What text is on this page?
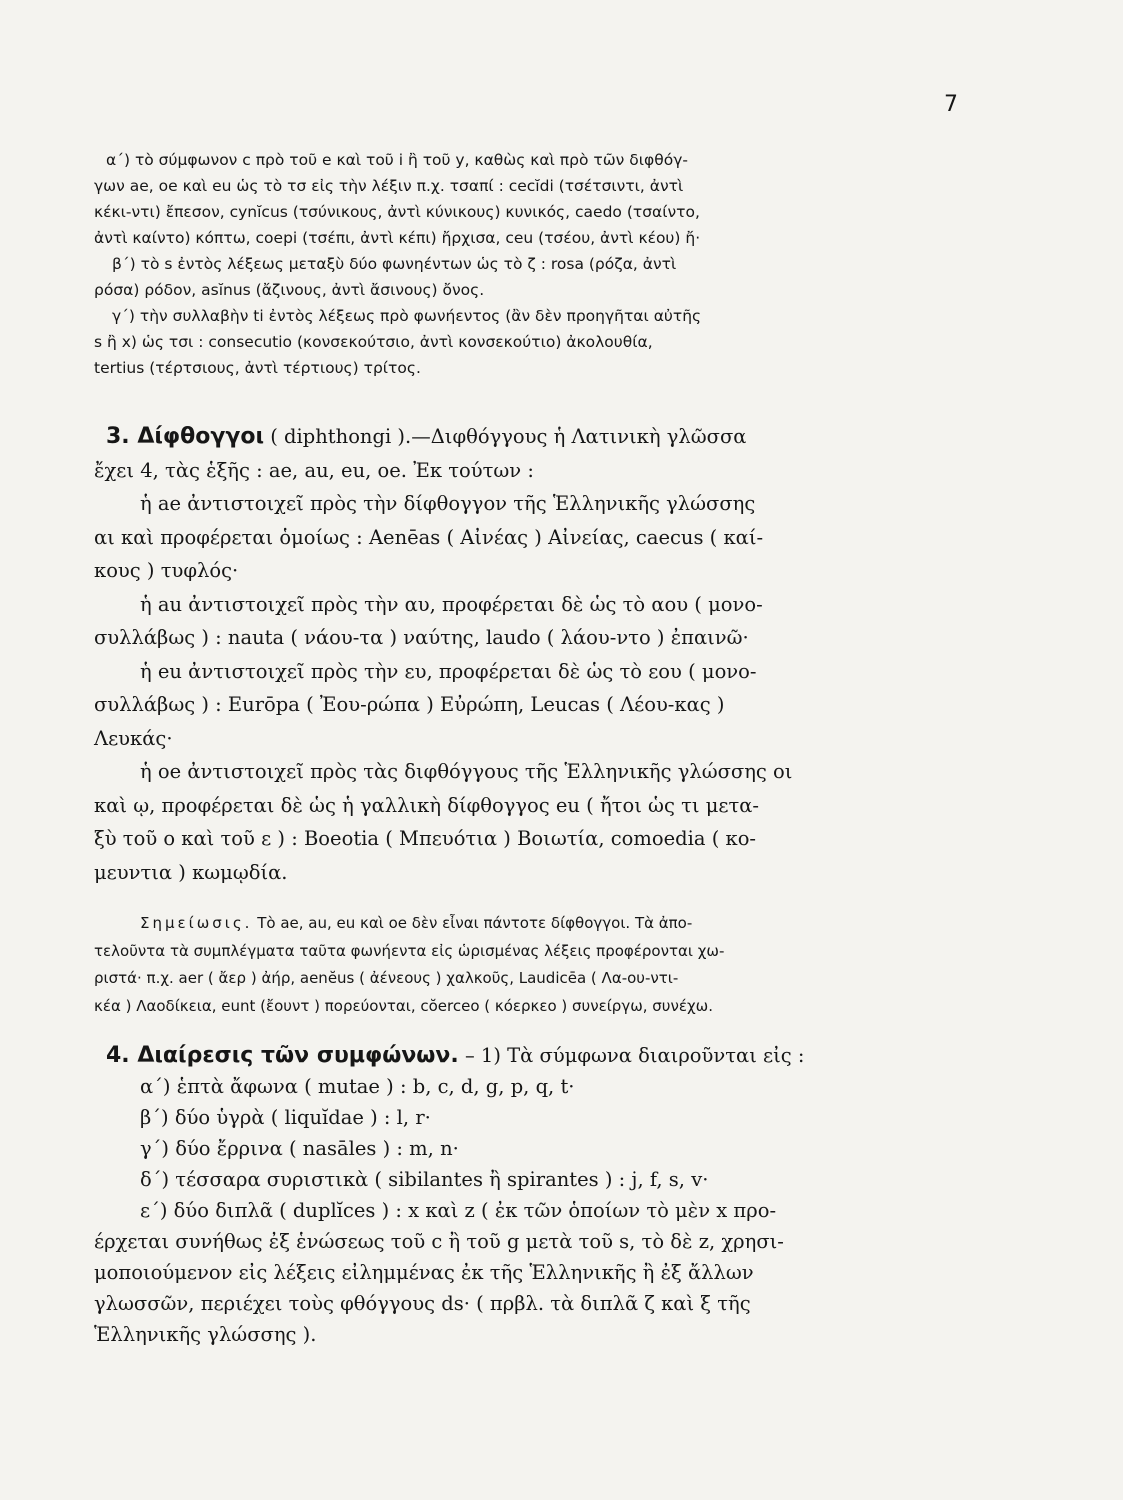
7
α΄) τὸ σύμφωνον c πρὸ τοῦ e καὶ τοῦ i ἢ τοῦ y, καθὼς καὶ πρὸ τῶν διφθόγ-
γων ae, oe καὶ eu ὡς τὸ τσ εἰς τὴν λέξιν π.χ. τσαπί : cecĭdi (τσέτσιντι, ἀντὶ
κέκι-ντι) ἔπεσον, cynĭcus (τσύνικους, ἀντὶ κύνικους) κυνικός, caedo (τσαίντο,
ἀντὶ καίντο) κόπτω, coepi (τσέπι, ἀντὶ κέπι) ἤρχισα, ceu (τσέου, ἀντὶ κέου) ἤ·
β΄) τὸ s ἐντὸς λέξεως μεταξὺ δύο φωνηέντων ὡς τὸ ζ : rosa (ρόζα, ἀντὶ
ρόσα) ρόδον, asĭnus (ἄζινους, ἀντὶ ἄσινους) ὄνος.
γ΄) τὴν συλλαβὴν ti ἐντὸς λέξεως πρὸ φωνήεντος (ἂν δὲν προηγῆται αὐτῆς
s ἢ x) ὡς τσι : consecutio (κονσεκούτσιο, ἀντὶ κονσεκούτιο) ἀκολουθία,
tertius (τέρτσιους, ἀντὶ τέρτιους) τρίτος.
3. Δίφθογγοι ( diphthongi ).—Διφθόγγους ἡ Λατινικὴ γλῶσσα
ἔχει 4, τὰς ἑξῆς : ae, au, eu, oe. Ἐκ τούτων :
ἡ ae ἀντιστοιχεῖ πρὸς τὴν δίφθογγον τῆς Ἑλληνικῆς γλώσσης
αι καὶ προφέρεται ὁμοίως : Aenēas ( Αἰνέας ) Αἰνείας, caecus ( καί-
κους ) τυφλός·
ἡ au ἀντιστοιχεῖ πρὸς τὴν αυ, προφέρεται δὲ ὡς τὸ αου ( μονο-
συλλάβως ) : nauta ( νάου-τα ) ναύτης, laudo ( λάου-ντο ) ἐπαινῶ·
ἡ eu ἀντιστοιχεῖ πρὸς τὴν ευ, προφέρεται δὲ ὡς τὸ εου ( μονο-
συλλάβως ) : Eurōpa ( Ἐου-ρώπα ) Εὐρώπη, Leucas ( Λέου-κας )
Λευκάς·
ἡ oe ἀντιστοιχεῖ πρὸς τὰς διφθόγγους τῆς Ἑλληνικῆς γλώσσης οι
καὶ ῳ, προφέρεται δὲ ὡς ἡ γαλλικὴ δίφθογγος eu ( ἤτοι ὡς τι μετα-
ξὺ τοῦ ο καὶ τοῦ ε ) : Boeotia ( Μπευότια ) Βοιωτία, comoedia ( κο-
μευντια ) κωμῳδία.
Σημείωσις. Τὸ ae, au, eu καὶ oe δὲν εἶναι πάντοτε δίφθογγοι. Τὰ ἀπο-
τελοῦντα τὰ συμπλέγματα ταῦτα φωνήεντα εἰς ὡρισμένας λέξεις προφέρονται χω-
ριστά· π.χ. aer ( ἄερ ) ἀήρ, aenĕus ( ἀένεους ) χαλκοῦς, Laudicēa ( Λα-ου-ντι-
κέα ) Λαοδίκεια, eunt (ἔουντ ) πορεύονται, cŏerceo ( κόερκεο ) συνείργω, συνέχω.
4. Διαίρεσις τῶν συμφώνων. – 1) Τὰ σύμφωνα διαιροῦνται εἰς :
α΄) ἑπτὰ ἄφωνα ( mutae ) : b, c, d, g, p, q, t·
β΄) δύο ὑγρὰ ( liquĭdae ) : l, r·
γ΄) δύο ἔρρινα ( nasāles ) : m, n·
δ΄) τέσσαρα συριστικὰ ( sibilantes ἢ spirantes ) : j, f, s, v·
ε΄) δύο διπλᾶ ( duplĭces ) : x καὶ z ( ἐκ τῶν ὁποίων τὸ μὲν x προ-
έρχεται συνήθως ἐξ ἑνώσεως τοῦ c ἢ τοῦ g μετὰ τοῦ s, τὸ δὲ z, χρησι-
μοποιούμενον εἰς λέξεις εἰλημμένας ἐκ τῆς Ἑλληνικῆς ἢ ἐξ ἄλλων
γλωσσῶν, περιέχει τοὺς φθόγγους ds· ( πρβλ. τὰ διπλᾶ ζ καὶ ξ τῆς
Ἑλληνικῆς γλώσσης ).
